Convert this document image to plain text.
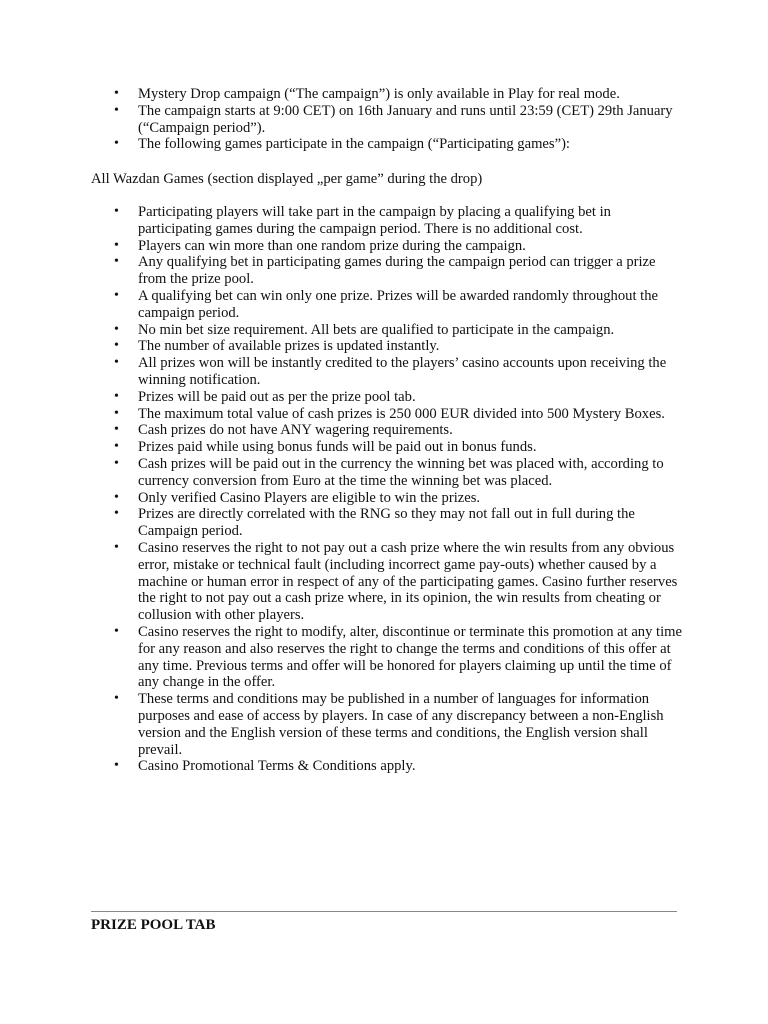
• Mystery Drop campaign (“The campaign”) is only available in Play for real mode.
• The campaign starts at 9:00 CET) on 16th January and runs until 23:59 (CET) 29th January (“Campaign period”).
• The following games participate in the campaign (“Participating games”):
All Wazdan Games (section displayed „per game” during the drop)
• Participating players will take part in the campaign by placing a qualifying bet in participating games during the campaign period. There is no additional cost.
• Players can win more than one random prize during the campaign.
• Any qualifying bet in participating games during the campaign period can trigger a prize from the prize pool.
• A qualifying bet can win only one prize. Prizes will be awarded randomly throughout the campaign period.
• No min bet size requirement. All bets are qualified to participate in the campaign.
• The number of available prizes is updated instantly.
• All prizes won will be instantly credited to the players’ casino accounts upon receiving the winning notification.
• Prizes will be paid out as per the prize pool tab.
• The maximum total value of cash prizes is 250 000 EUR divided into 500 Mystery Boxes.
• Cash prizes do not have ANY wagering requirements.
• Prizes paid while using bonus funds will be paid out in bonus funds.
• Cash prizes will be paid out in the currency the winning bet was placed with, according to currency conversion from Euro at the time the winning bet was placed.
• Only verified Casino Players are eligible to win the prizes.
• Prizes are directly correlated with the RNG so they may not fall out in full during the Campaign period.
• Casino reserves the right to not pay out a cash prize where the win results from any obvious error, mistake or technical fault (including incorrect game pay-outs) whether caused by a machine or human error in respect of any of the participating games. Casino further reserves the right to not pay out a cash prize where, in its opinion, the win results from cheating or collusion with other players.
• Casino reserves the right to modify, alter, discontinue or terminate this promotion at any time for any reason and also reserves the right to change the terms and conditions of this offer at any time. Previous terms and offer will be honored for players claiming up until the time of any change in the offer.
• These terms and conditions may be published in a number of languages for information purposes and ease of access by players. In case of any discrepancy between a non-English version and the English version of these terms and conditions, the English version shall prevail.
• Casino Promotional Terms & Conditions apply.
PRIZE POOL TAB
